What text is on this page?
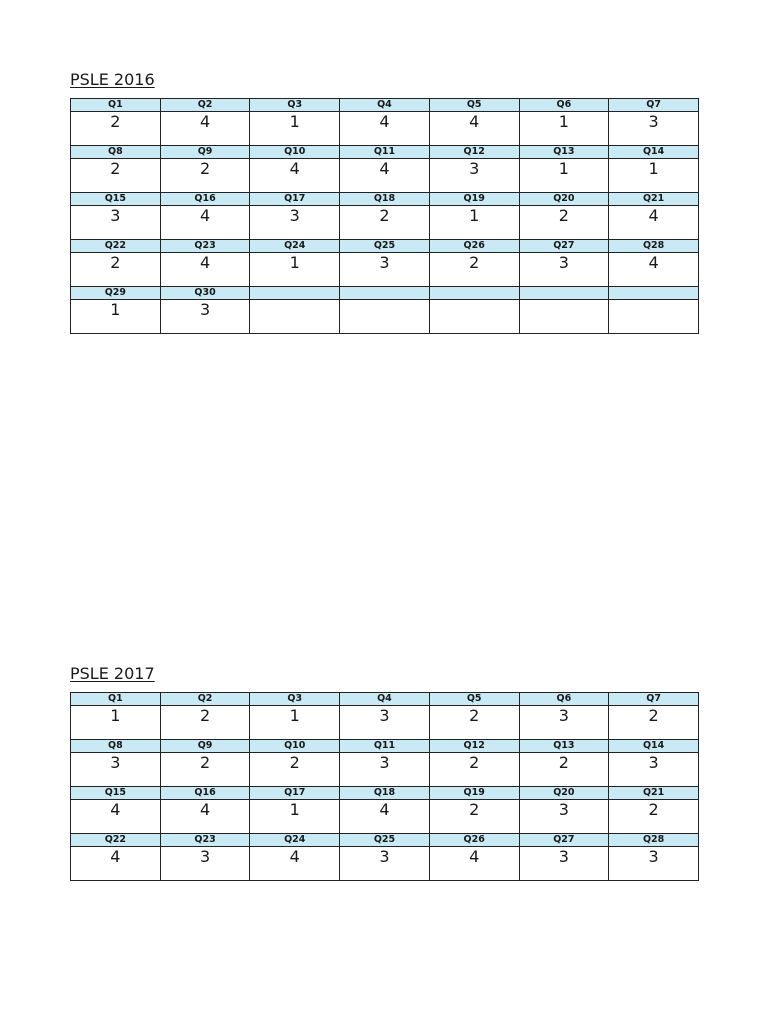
PSLE 2016
Q1	Q2	Q3	Q4	Q5	Q6	Q7
2	4	1	4	4	1	3
Q8	Q9	Q10	Q11	Q12	Q13	Q14
2	2	4	4	3	1	1
Q15	Q16	Q17	Q18	Q19	Q20	Q21
3	4	3	2	1	2	4
Q22	Q23	Q24	Q25	Q26	Q27	Q28
2	4	1	3	2	3	4
Q29	Q30					
1	3					
PSLE 2017
Q1	Q2	Q3	Q4	Q5	Q6	Q7
1	2	1	3	2	3	2
Q8	Q9	Q10	Q11	Q12	Q13	Q14
3	2	2	3	2	2	3
Q15	Q16	Q17	Q18	Q19	Q20	Q21
4	4	1	4	2	3	2
Q22	Q23	Q24	Q25	Q26	Q27	Q28
4	3	4	3	4	3	3
